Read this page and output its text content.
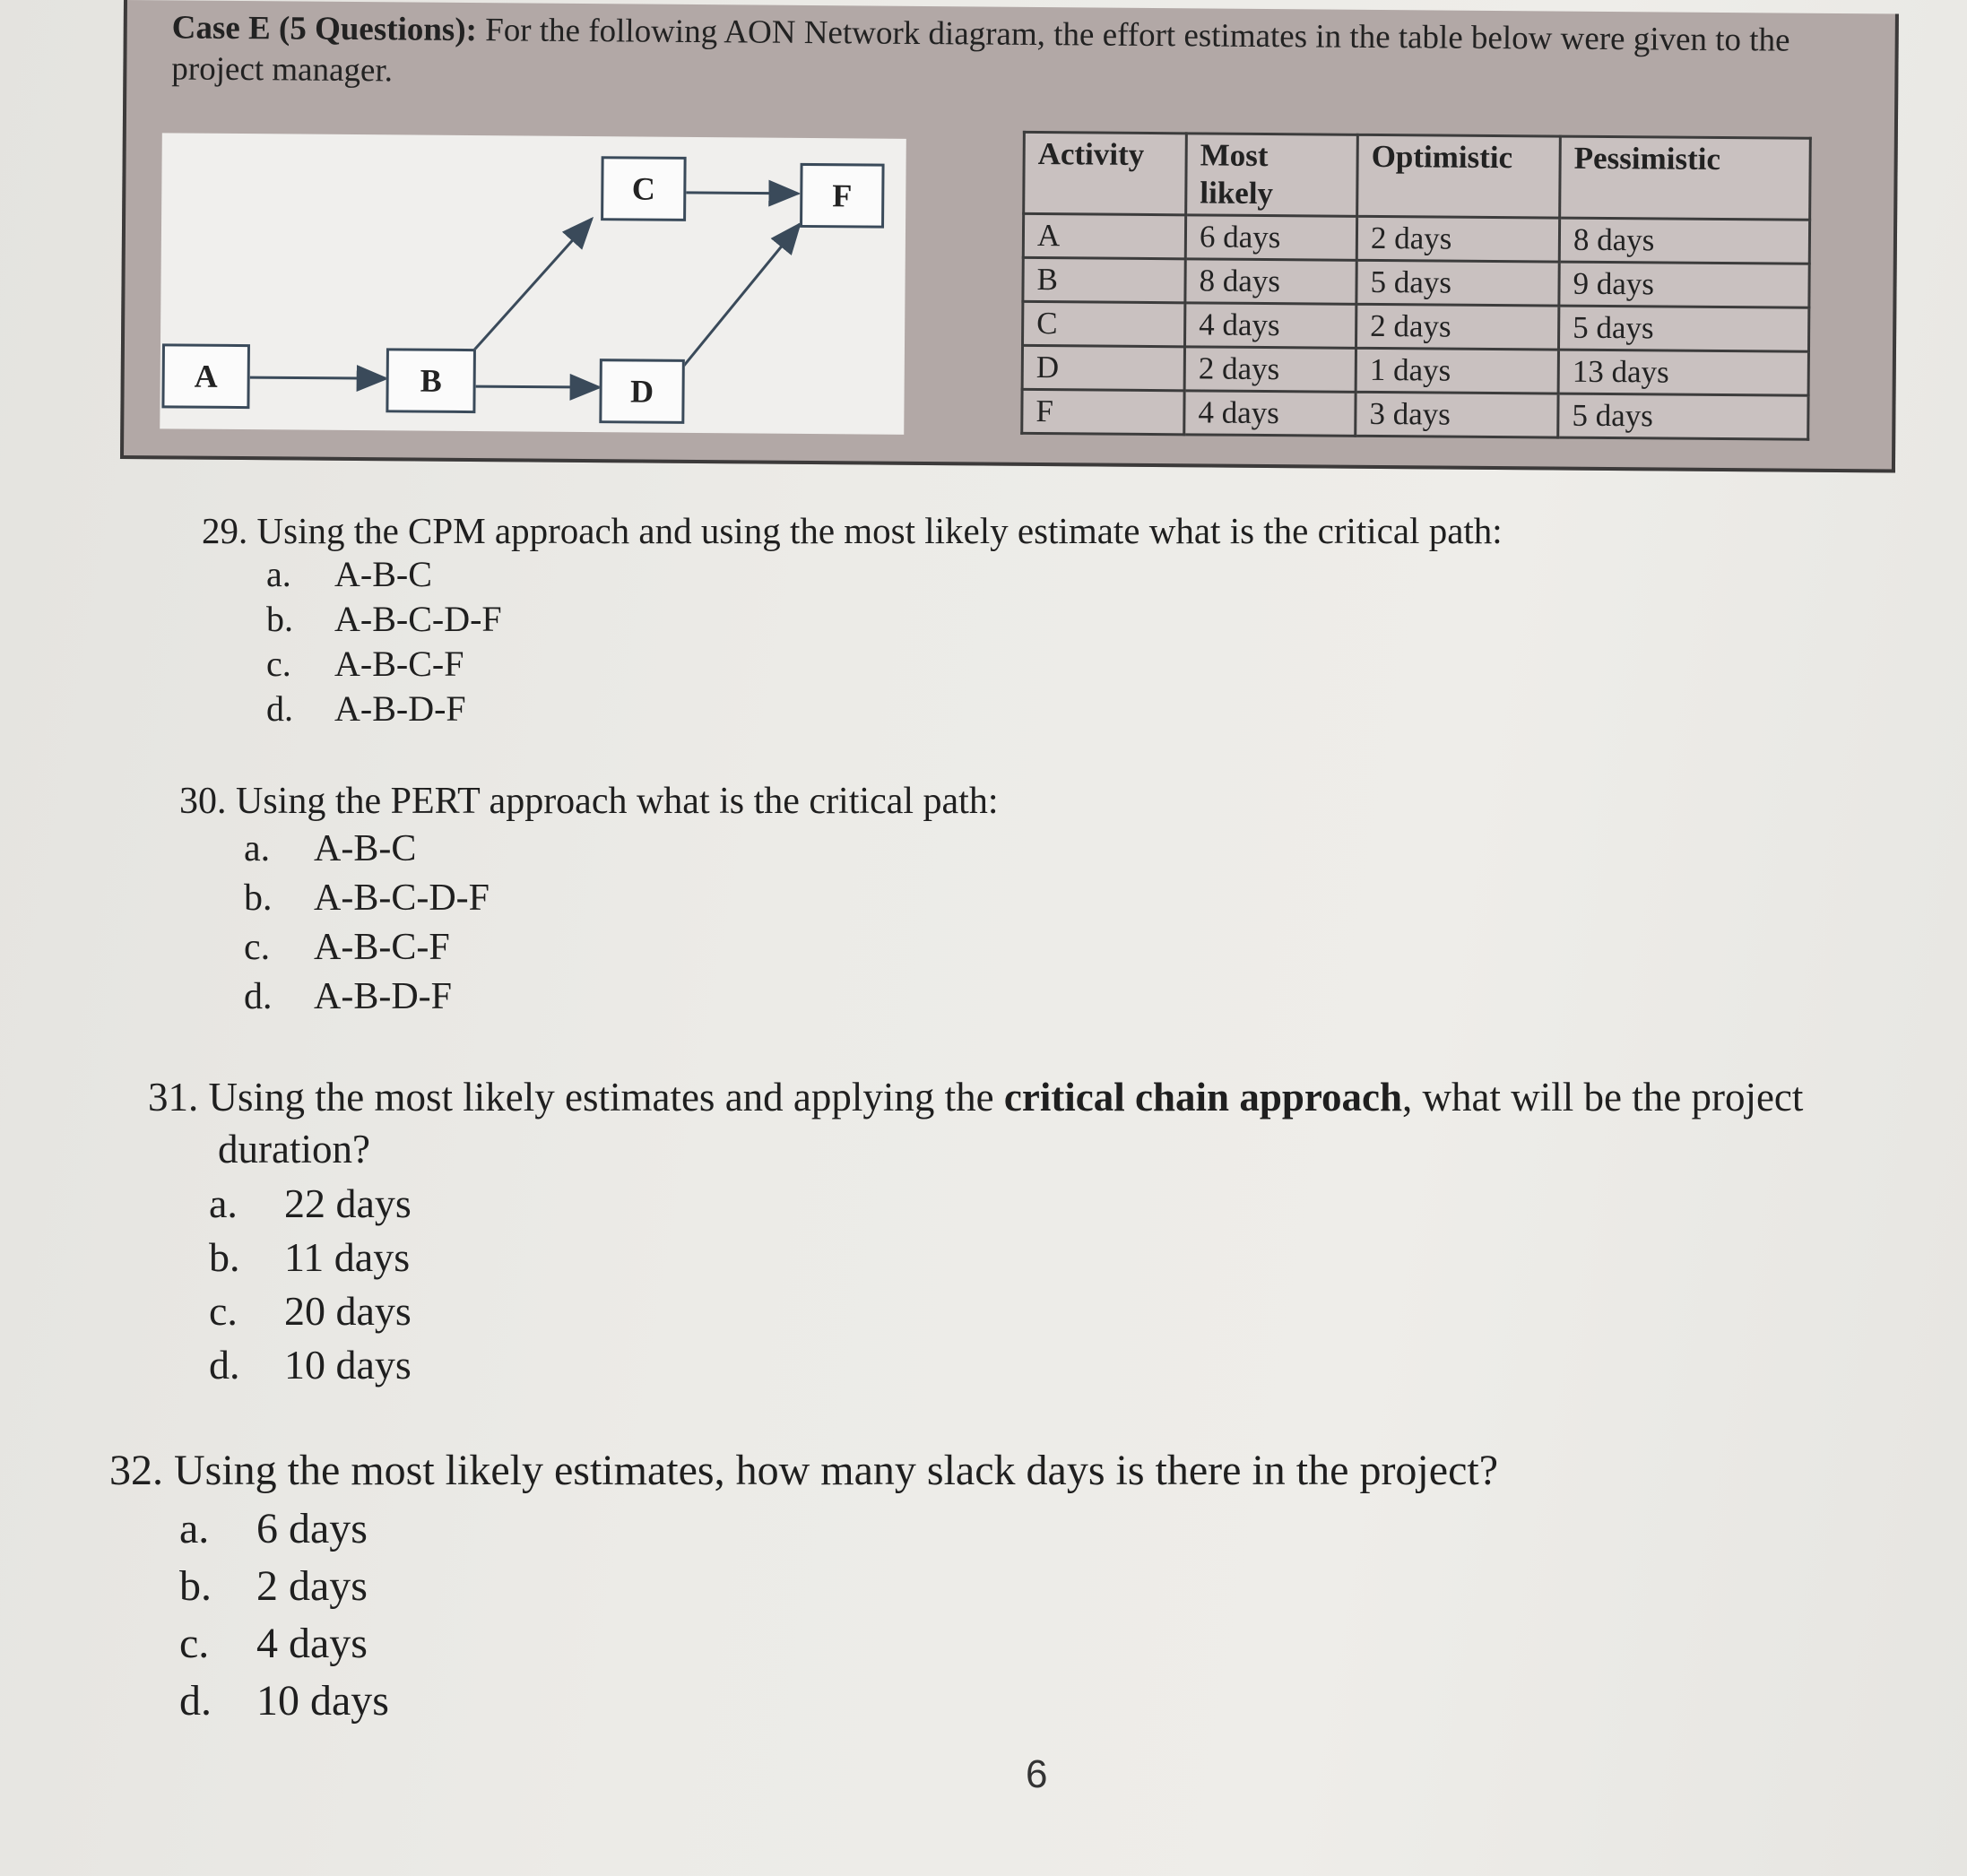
Case E (5 Questions): For the following AON Network diagram, the effort estimates in the table below were given to the project manager.
A	B
C
D
F
Activity	Most likely	Optimistic	Pessimistic
A	6 days	2 days	8 days
B	8 days	5 days	9 days
C	4 days	2 days	5 days
D	2 days	1 days	13 days
F	4 days	3 days	5 days
29. Using the CPM approach and using the most likely estimate what is the critical path:
a.	A-B-C
b.	A-B-C-D-F
c.	A-B-C-F
d.	A-B-D-F
30. Using the PERT approach what is the critical path:
a.	A-B-C
b.	A-B-C-D-F
c.	A-B-C-F
d.	A-B-D-F
31. Using the most likely estimates and applying the critical chain approach, what will be the project duration?
a.	22 days
b.	11 days
c.	20 days
d.	10 days
32. Using the most likely estimates, how many slack days is there in the project?
a.	6 days
b.	2 days
c.	4 days
d.	10 days
6
